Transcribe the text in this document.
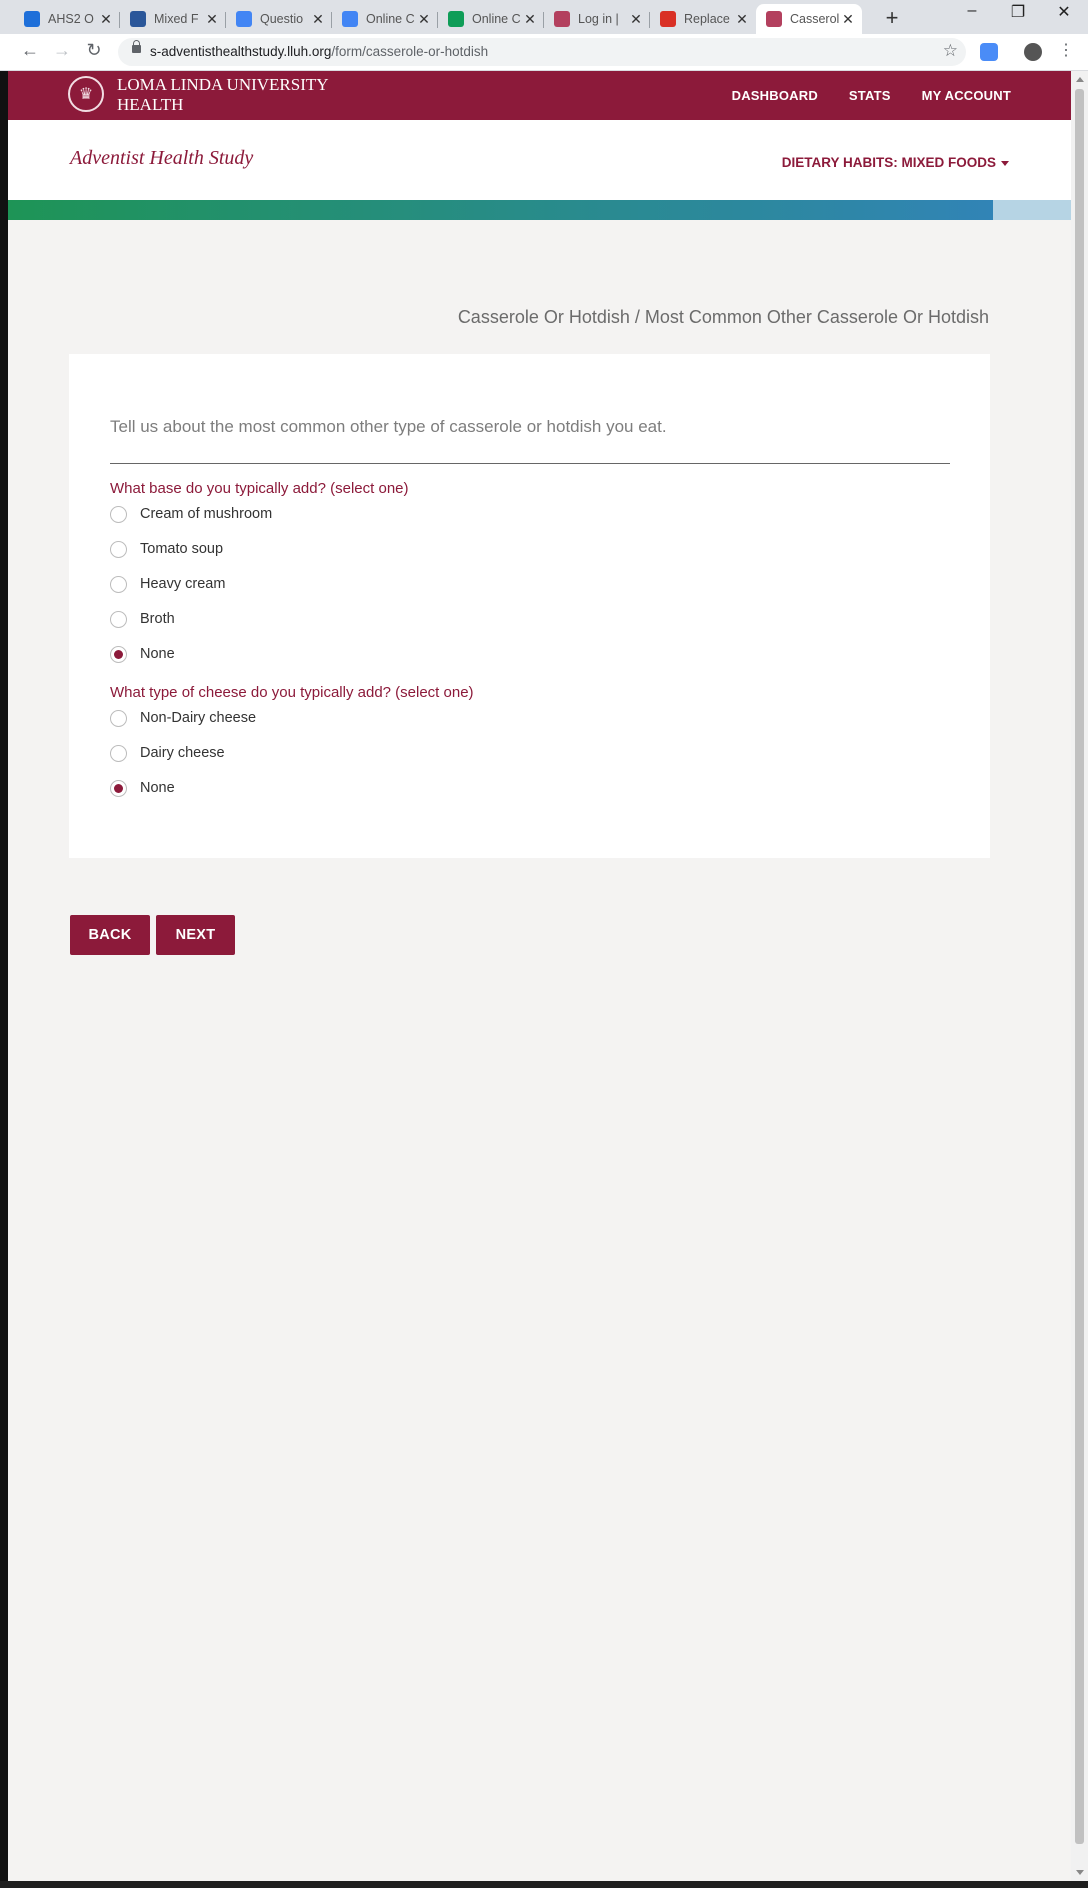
AHS2 O ✕	Mixed F ✕	Questio ✕	Online C ✕	Online C ✕	Log in | ✕	Replace ✕	Casserol ✕	+	–	❐	✕
← → ↻	s-adventisthealthstudy.lluh.org/form/casserole-or-hotdish	☆	⋮
♛
LOMA LINDA UNIVERSITY HEALTH	DASHBOARD STATS MY ACCOUNT
Adventist Health Study	DIETARY HABITS: MIXED FOODS
Casserole Or Hotdish / Most Common Other Casserole Or Hotdish
Tell us about the most common other type of casserole or hotdish you eat.
What base do you typically add? (select one)
Cream of mushroom
Tomato soup
Heavy cream
Broth
None
What type of cheese do you typically add? (select one)
Non-Dairy cheese
Dairy cheese
None
BACK	NEXT
